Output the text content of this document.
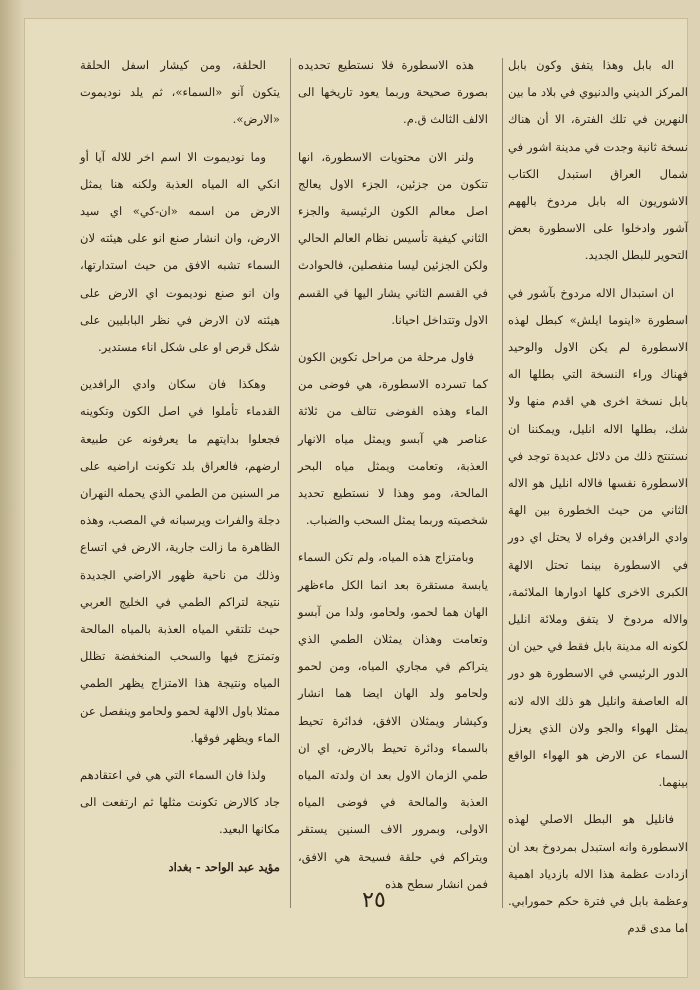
اله بابل وهذا يتفق وكون بابل المركز الديني والدنيوي في بلاد ما بين النهرين في تلك الفترة، الا أن هناك نسخة ثانية وجدت في مدينة اشور في شمال العراق استبدل الكتاب الاشوريون اله بابل مردوخ بالههم آشور وادخلوا على الاسطورة بعض التحوير للبطل الجديد.

ان استبدال الاله مردوخ بآشور في اسطورة «اينوما ايلش» كبطل لهذه الاسطورة لم يكن الاول والوحيد فهناك وراء النسخة التي بطلها اله بابل نسخة اخرى هي اقدم منها ولا شك، بطلها الاله انليل، ويمكننا ان نستنتج ذلك من دلائل عديدة توجد في الاسطورة نفسها فالاله انليل هو الاله الثاني من حيث الخطورة بين الهة وادي الرافدين وفراه لا يحتل اي دور في الاسطورة بينما تحتل الالهة الكبرى الاخرى كلها ادوارها الملائمة، والاله مردوخ لا يتفق وملائة انليل لكونه اله مدينة بابل فقط في حين ان الدور الرئيسي في الاسطورة هو دور اله العاصفة وانليل هو ذلك الاله لانه يمثل الهواء والجو ولان الذي يعزل السماء عن الارض هو الهواء الواقع بينهما.

فانليل هو البطل الاصلي لهذه الاسطورة وانه استبدل بمردوخ بعد ان ازدادت عظمة هذا الاله بازدياد اهمية وعظمة بابل في فترة حكم حمورابي. اما مدى قدم

هذه الاسطورة فلا نستطيع تحديده بصورة صحيحة وربما يعود تاريخها الى الالف الثالث ق.م.

ولنر الان محتويات الاسطورة، انها تتكون من جزئين، الجزء الاول يعالج اصل معالم الكون الرئيسية والجزء الثاني كيفية تأسيس نظام العالم الحالي ولكن الجزئين ليسا منفصلين، فالحوادث في القسم الثاني يشار اليها في القسم الاول وتتداخل احيانا.

فاول مرحلة من مراحل تكوين الكون كما تسرده الاسطورة، هي فوضى من الماء وهذه الفوضى تتالف من ثلاثة عناصر هي آبسو ويمثل مياه الانهار العذبة، وتعامت ويمثل مياه البحر المالحة، ومو وهذا لا نستطيع تحديد شخصيته وربما يمثل السحب والضباب.

وبامتزاج هذه المياه، ولم تكن السماء يابسة مستقرة بعد انما الكل ماءظهر الهان هما لحمو، ولحامو، ولدا من آبسو وتعامت وهذان يمثلان الطمي الذي يتراكم في مجاري المياه، ومن لحمو ولحامو ولد الهان ايضا هما انشار وكيشار ويمثلان الافق، فدائرة تحيط بالسماء ودائرة تحيط بالارض، اي ان طمي الزمان الاول بعد ان ولدته المياه العذبة والمالحة في فوضى المياه الاولى، وبمرور الاف السنين يستقر ويتراكم في حلقة فسيحة هي الافق، فمن انشار سطح هذه

الحلقة، ومن كيشار اسفل الحلقة يتكون آنو «السماء»، ثم يلد نوديموت «الارض».

وما نوديموت الا اسم اخر للاله آيا أو انكي اله المياه العذبة ولكنه هنا يمثل الارض من اسمه «ان-كي» اي سيد الارض، وان انشار صنع انو على هيئته لان السماء تشبه الافق من حيث استدارتها، وان انو صنع نوديموت اي الارض على هيئته لان الارض في نظر البابليين على شكل قرص او على شكل اناء مستدير.

وهكذا فان سكان وادي الرافدين القدماء تأملوا في اصل الكون وتكوينه فجعلوا بدايتهم ما يعرفونه عن طبيعة ارضهم، فالعراق بلد تكونت اراضيه على مر السنين من الطمي الذي يحمله النهران دجلة والفرات ويرسبانه في المصب، وهذه الظاهرة ما زالت جارية، الارض في اتساع وذلك من ناحية ظهور الاراضي الجديدة نتيجة لتراكم الطمي في الخليج العربي حيث تلتقي المياه العذبة بالمياه المالحة وتمتزج فيها والسحب المنخفضة تظلل المياه ونتيجة هذا الامتزاج يظهر الطمي ممثلا باول الالهة لحمو ولحامو وينفصل عن الماء ويظهر فوقها.

ولذا فان السماء التي هي في اعتقادهم جاد كالارض تكونت مثلها ثم ارتفعت الى مكانها البعيد.

مؤيد عبد الواحد - بغداد

٢٥
